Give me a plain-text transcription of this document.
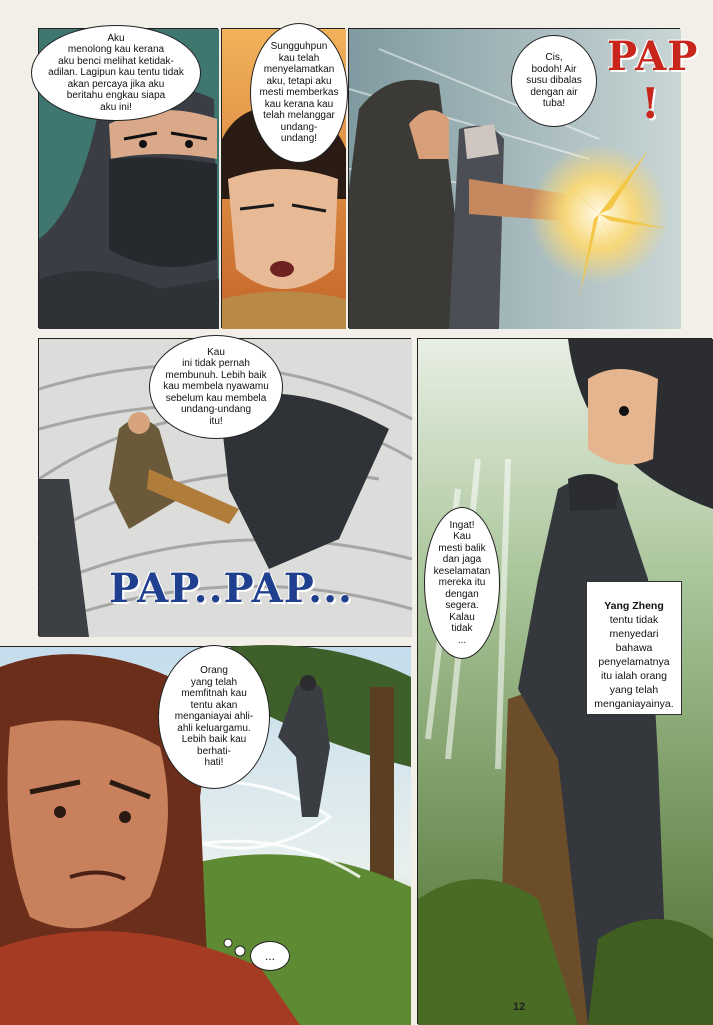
Aku
menolong kau kerana
aku benci melihat ketidak-
adilan. Lagipun kau tentu tidak
akan percaya jika aku
beritahu engkau siapa
aku ini!
Sungguhpun
kau telah
menyelamatkan
aku, tetapi aku
mesti memberkas
kau kerana kau
telah melanggar
undang-
undang!
Cis,
bodoh! Air
susu dibalas
dengan air
tuba!
PAP
!
Kau
ini tidak pernah
membunuh. Lebih baik
kau membela nyawamu
sebelum kau membela
undang-undang
itu!
PAP..PAP...
Ingat!
Kau
mesti balik
dan jaga
keselamatan
mereka itu
dengan
segera.
Kalau
tidak
...

Yang Zheng
tentu tidak
menyedari
bahawa
penyelamatnya
itu ialah orang
yang telah
menganiayainya.

Orang
yang telah
memfitnah kau
tentu akan
menganiayai ahli-
ahli keluargamu.
Lebih baik kau
berhati-
hati!
...
12
